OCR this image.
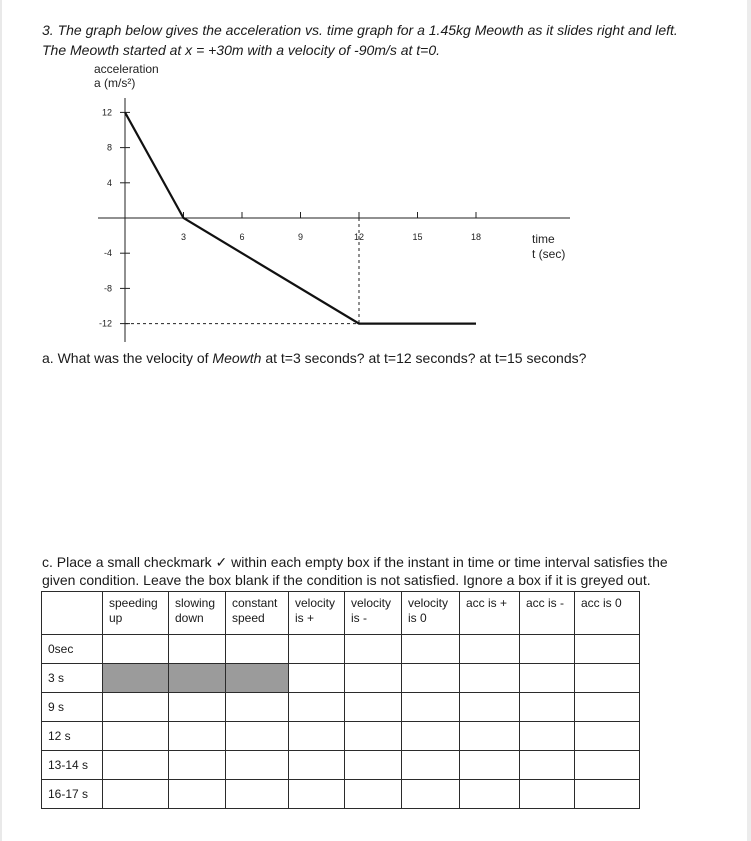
3. The graph below gives the acceleration vs. time graph for a 1.45kg Meowth as it slides right and left. The Meowth started at x = +30m with a velocity of -90m/s at t=0.

acceleration
a (m/s²)
time
t (sec)
12
8
4
-4
-8
-12
3	6	9	12	15	18

a. What was the velocity of Meowth at t=3 seconds? at t=12 seconds? at t=15 seconds?

c. Place a small checkmark ✓ within each empty box if the instant in time or time interval satisfies the given condition. Leave the box blank if the condition is not satisfied. Ignore a box if it is greyed out.

	speeding up	slowing down	constant speed	velocity is +	velocity is -	velocity is 0	acc is +	acc is -	acc is 0
0sec									
3 s									
9 s									
12 s									
13-14 s									
16-17 s									
